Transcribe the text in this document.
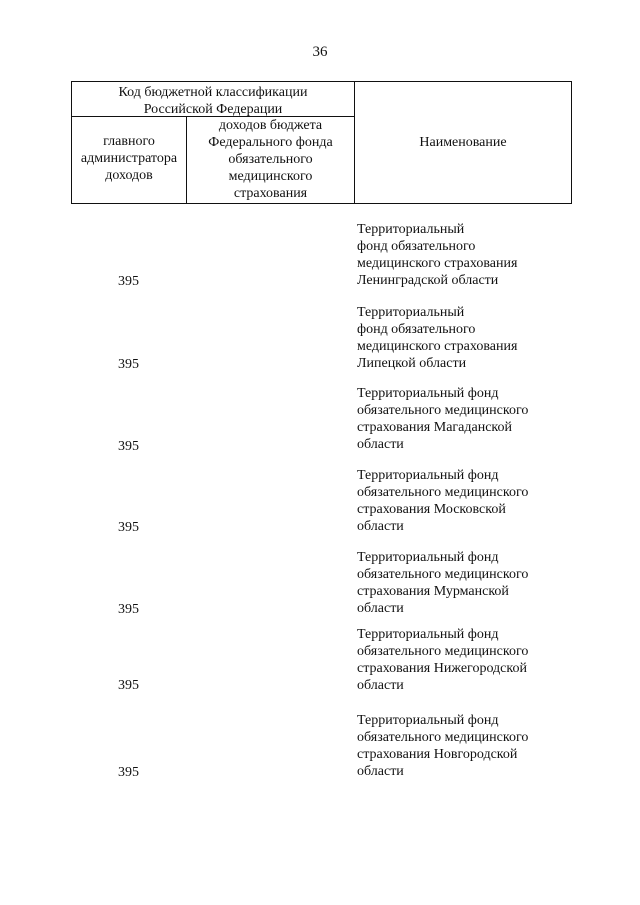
36
Код бюджетной классификации
Российской Федерации
главного
администратора
доходов
доходов бюджета
Федерального фонда
обязательного
медицинского
страхования
Наименование
395
Территориальный
фонд обязательного
медицинского страхования
Ленинградской области
395
Территориальный
фонд обязательного
медицинского страхования
Липецкой области
395
Территориальный фонд
обязательного медицинского
страхования Магаданской
области
395
Территориальный фонд
обязательного медицинского
страхования Московской
области
395
Территориальный фонд
обязательного медицинского
страхования Мурманской
области
395
Территориальный фонд
обязательного медицинского
страхования Нижегородской
области
395
Территориальный фонд
обязательного медицинского
страхования Новгородской
области
